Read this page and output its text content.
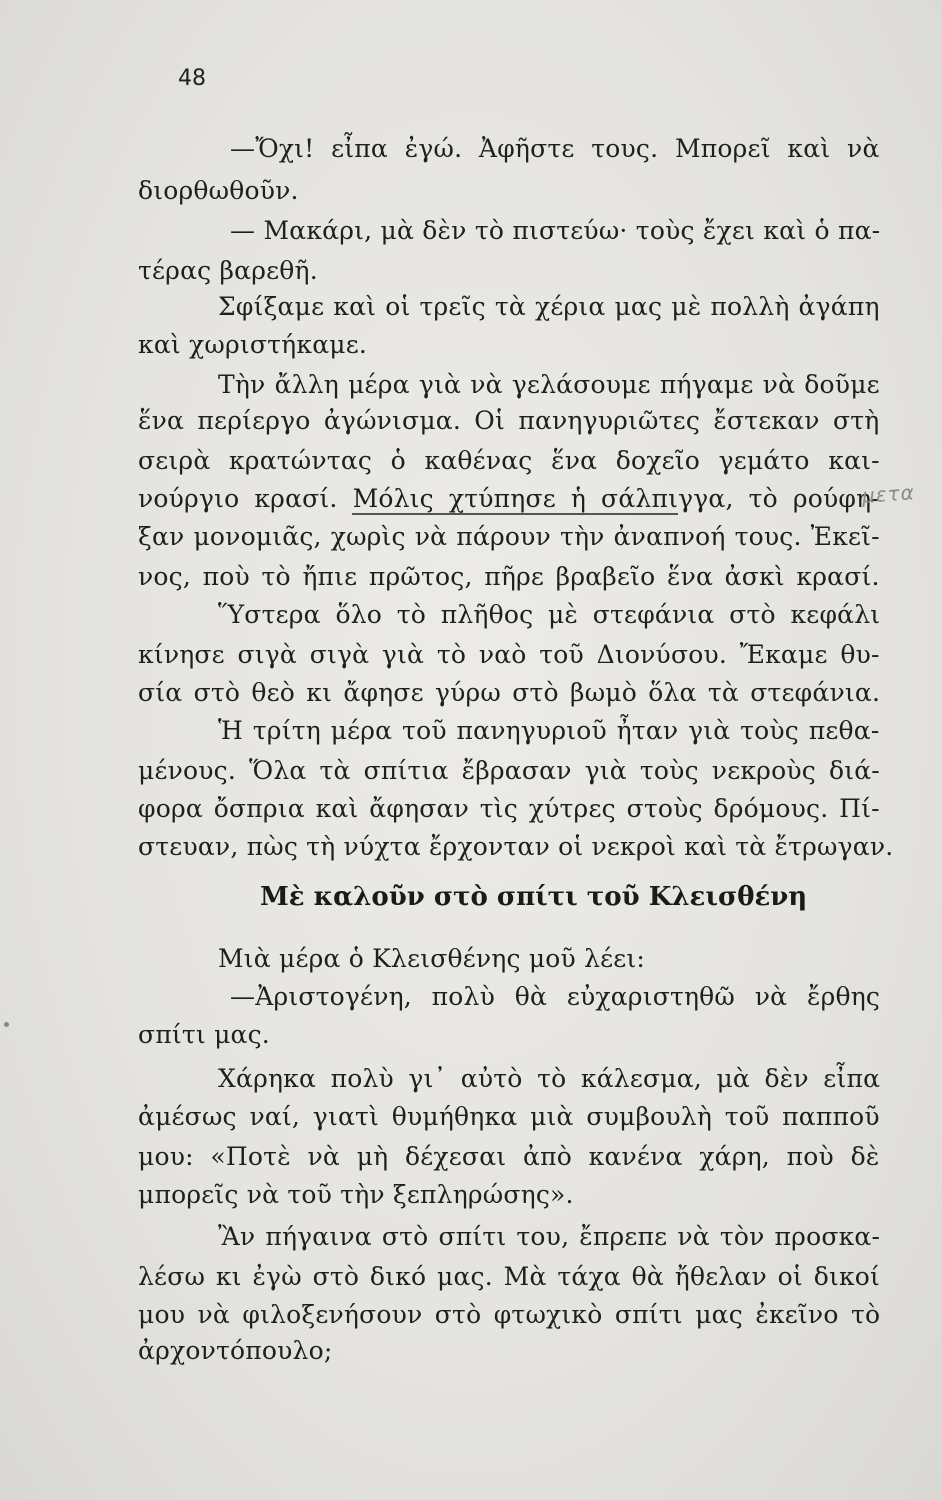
48
—Ὄχι! εἶπα ἐγώ. Ἀφῆστε τους. Μπορεῖ καὶ νὰ
διορθωθοῦν.
— Μακάρι, μὰ δὲν τὸ πιστεύω· τοὺς ἔχει καὶ ὁ πα-
τέρας βαρεθῆ.
Σφίξαμε καὶ οἱ τρεῖς τὰ χέρια μας μὲ πολλὴ ἀγάπη
καὶ χωριστήκαμε.
Τὴν ἄλλη μέρα γιὰ νὰ γελάσουμε πήγαμε νὰ δοῦμε
ἕνα περίεργο ἀγώνισμα. Οἱ πανηγυριῶτες ἔστεκαν στὴ
σειρὰ κρατώντας ὁ καθένας ἕνα δοχεῖο γεμάτο και-
νούργιο κρασί. Μόλις χτύπησε ἡ σάλπιγγα, τὸ ρούφη-
ξαν μονομιᾶς, χωρὶς νὰ πάρουν τὴν ἀναπνοή τους. Ἐκεῖ-
νος, ποὺ τὸ ἤπιε πρῶτος, πῆρε βραβεῖο ἕνα ἀσκὶ κρασί.
Ὕστερα ὅλο τὸ πλῆθος μὲ στεφάνια στὸ κεφάλι
κίνησε σιγὰ σιγὰ γιὰ τὸ ναὸ τοῦ Διονύσου. Ἔκαμε θυ-
σία στὸ θεὸ κι ἄφησε γύρω στὸ βωμὸ ὅλα τὰ στεφάνια.
Ἡ τρίτη μέρα τοῦ πανηγυριοῦ ἦταν γιὰ τοὺς πεθα-
μένους. Ὅλα τὰ σπίτια ἔβρασαν γιὰ τοὺς νεκροὺς διά-
φορα ὄσπρια καὶ ἄφησαν τὶς χύτρες στοὺς δρόμους. Πί-
στευαν, πὼς τὴ νύχτα ἔρχονταν οἱ νεκροὶ καὶ τὰ ἔτρωγαν.
Μὲ καλοῦν στὸ σπίτι τοῦ Κλεισθένη
Μιὰ μέρα ὁ Κλεισθένης μοῦ λέει:
—Ἀριστογένη, πολὺ θὰ εὐχαριστηθῶ νὰ ἔρθης
σπίτι μας.
Χάρηκα πολὺ γι᾿ αὐτὸ τὸ κάλεσμα, μὰ δὲν εἶπα
ἀμέσως ναί, γιατὶ θυμήθηκα μιὰ συμβουλὴ τοῦ παπποῦ
μου: «Ποτὲ νὰ μὴ δέχεσαι ἀπὸ κανένα χάρη, ποὺ δὲ
μπορεῖς νὰ τοῦ τὴν ξεπληρώσης».
Ἂν πήγαινα στὸ σπίτι του, ἔπρεπε νὰ τὸν προσκα-
λέσω κι ἐγὼ στὸ δικό μας. Μὰ τάχα θὰ ἤθελαν οἱ δικοί
μου νὰ φιλοξενήσουν στὸ φτωχικὸ σπίτι μας ἐκεῖνο τὸ
ἀρχοντόπουλο;
μετα
